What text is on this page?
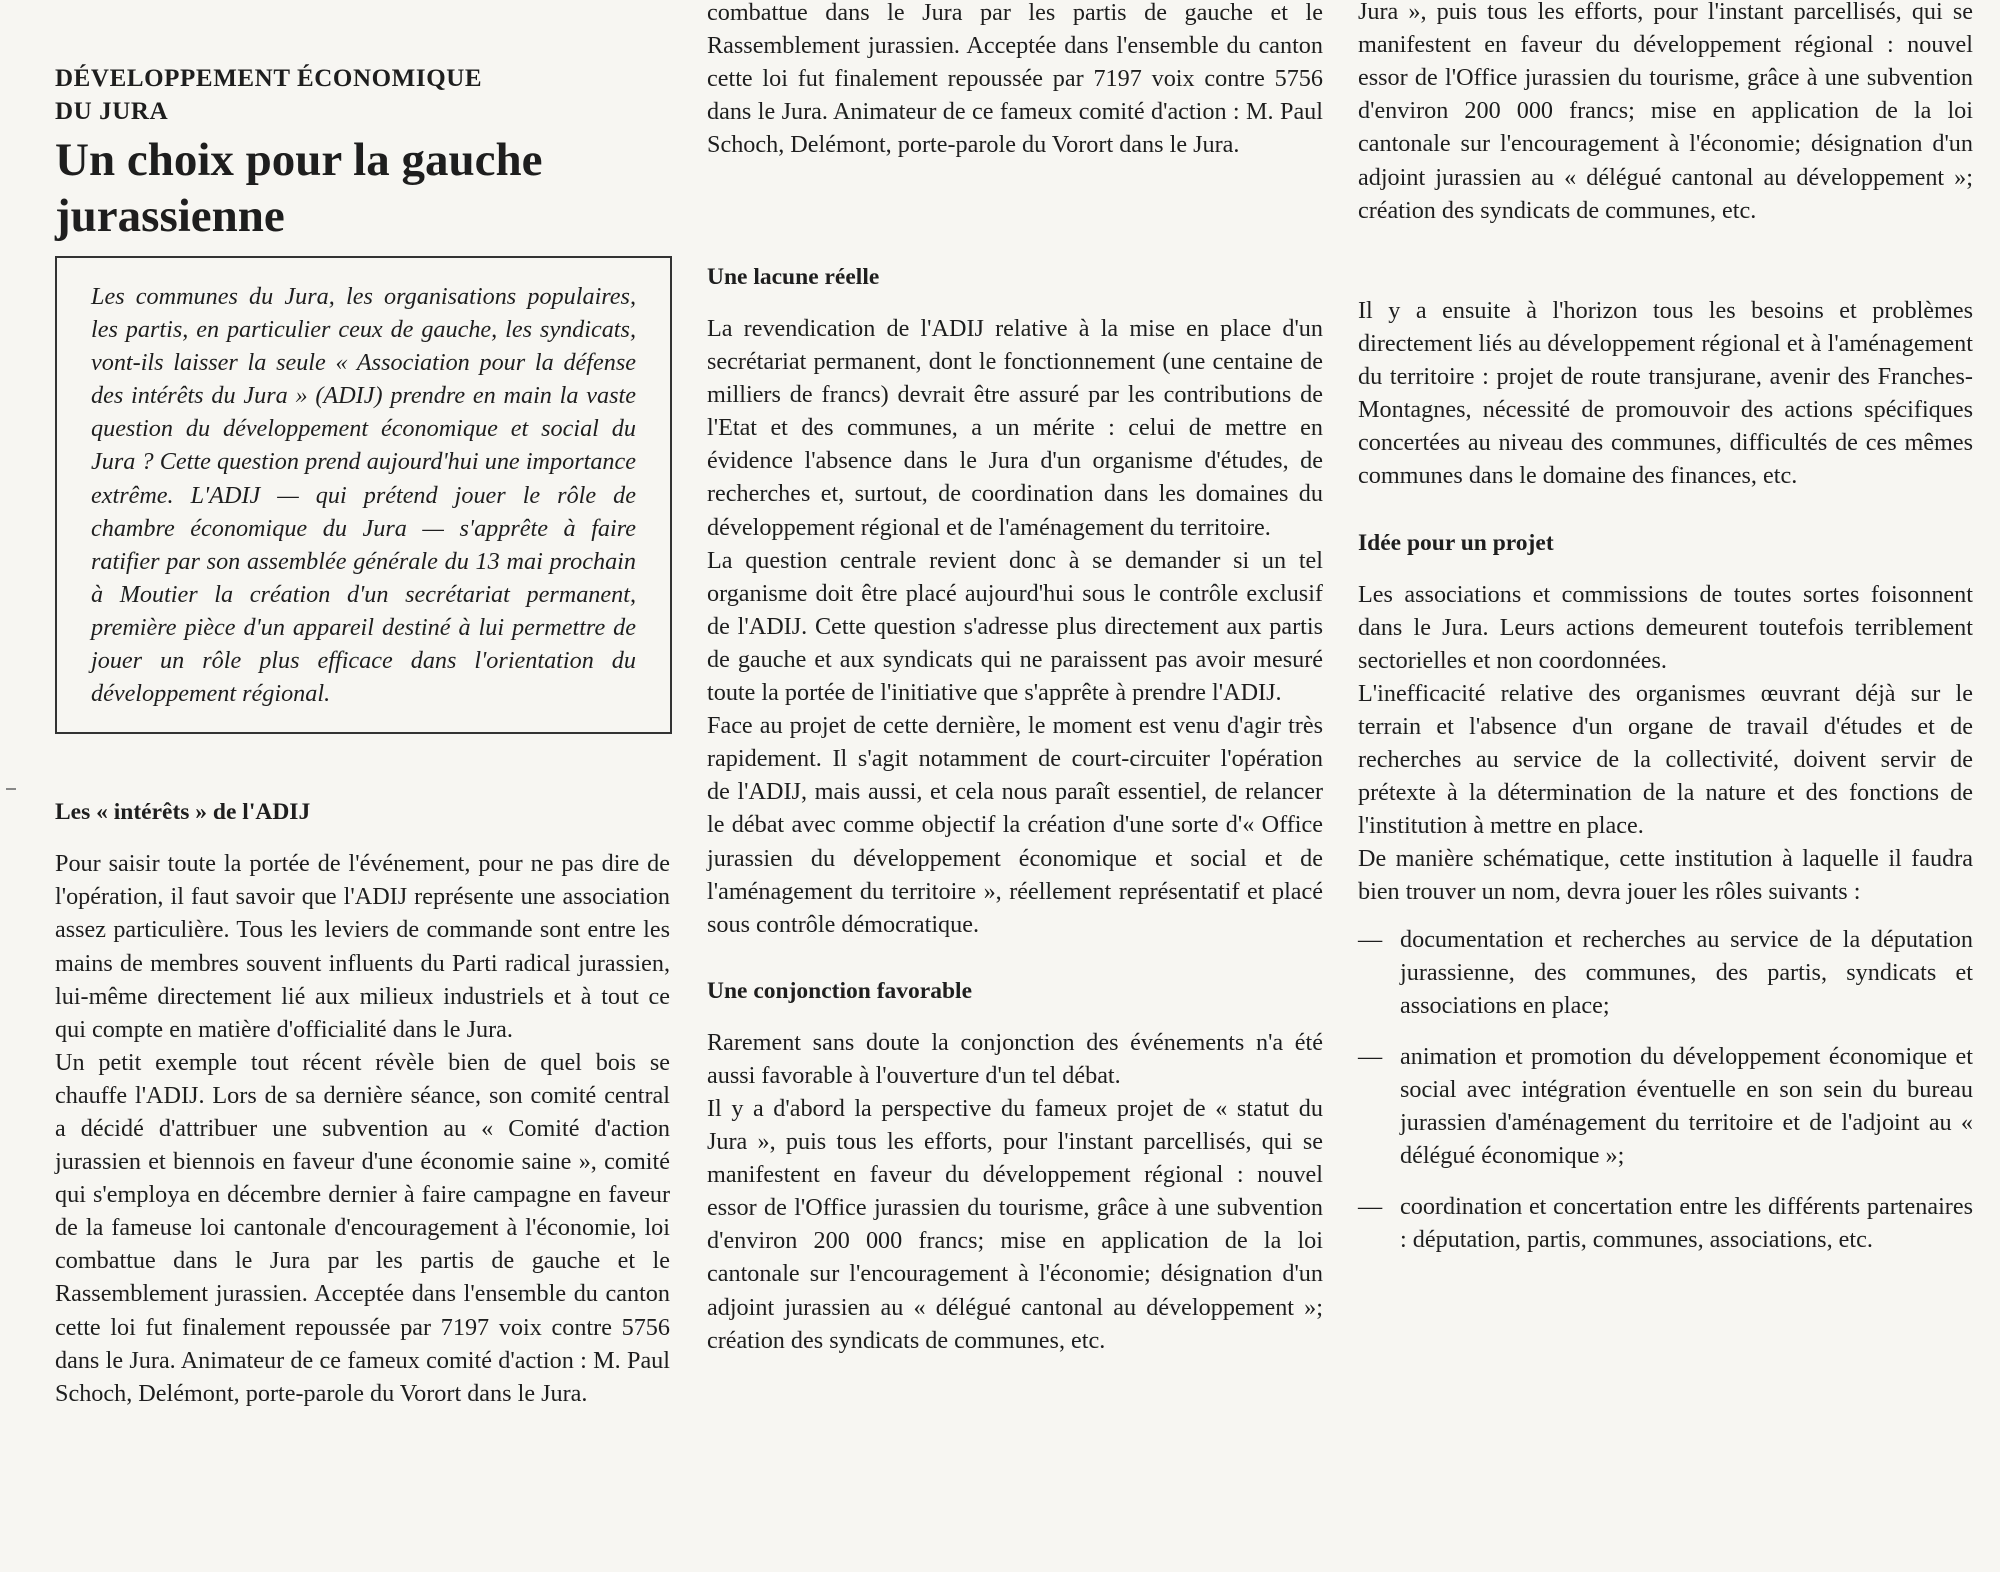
DÉVELOPPEMENT ÉCONOMIQUE

DU JURA

Un choix pour la gauche
jurassienne

Les communes du Jura, les organisations populaires, les partis, en particulier ceux de gauche, les syndicats, vont-ils laisser la seule « Association pour la défense des intérêts du Jura » (ADIJ) prendre en main la vaste question du développement économique et social du Jura ? Cette question prend aujourd'hui une importance extrême. L'ADIJ — qui prétend jouer le rôle de chambre économique du Jura — s'apprête à faire ratifier par son assemblée générale du 13 mai prochain à Moutier la création d'un secrétariat permanent, première pièce d'un appareil destiné à lui permettre de jouer un rôle plus efficace dans l'orientation du développement régional.

Les « intérêts » de l'ADIJ

Pour saisir toute la portée de l'événement, pour ne pas dire de l'opération, il faut savoir que l'ADIJ représente une association assez particulière. Tous les leviers de commande sont entre les mains de membres souvent influents du Parti radical jurassien, lui-même directement lié aux milieux industriels et à tout ce qui compte en matière d'officialité dans le Jura.

Un petit exemple tout récent révèle bien de quel bois se chauffe l'ADIJ. Lors de sa dernière séance, son comité central a décidé d'attribuer une subvention au « Comité d'action jurassien et biennois en faveur d'une économie saine », comité qui s'employa en décembre dernier à faire campagne en faveur de la fameuse loi cantonale d'encouragement à l'économie, loi combattue dans le Jura par les partis de gauche et le Rassemblement jurassien. Acceptée dans l'ensemble du canton cette loi fut finalement repoussée par 7197 voix contre 5756 dans le Jura. Animateur de ce fameux comité d'action : M. Paul Schoch, Delémont, porte-parole du Vorort dans le Jura.

combattue dans le Jura par les partis de gauche et le Rassemblement jurassien. Acceptée dans l'ensemble du canton cette loi fut finalement repoussée par 7197 voix contre 5756 dans le Jura. Animateur de ce fameux comité d'action : M. Paul Schoch, Delémont, porte-parole du Vorort dans le Jura.

Une lacune réelle

La revendication de l'ADIJ relative à la mise en place d'un secrétariat permanent, dont le fonctionnement (une centaine de milliers de francs) devrait être assuré par les contributions de l'Etat et des communes, a un mérite : celui de mettre en évidence l'absence dans le Jura d'un organisme d'études, de recherches et, surtout, de coordination dans les domaines du développement régional et de l'aménagement du territoire.

La question centrale revient donc à se demander si un tel organisme doit être placé aujourd'hui sous le contrôle exclusif de l'ADIJ. Cette question s'adresse plus directement aux partis de gauche et aux syndicats qui ne paraissent pas avoir mesuré toute la portée de l'initiative que s'apprête à prendre l'ADIJ.

Face au projet de cette dernière, le moment est venu d'agir très rapidement. Il s'agit notamment de court-circuiter l'opération de l'ADIJ, mais aussi, et cela nous paraît essentiel, de relancer le débat avec comme objectif la création d'une sorte d'« Office jurassien du développement économique et social et de l'aménagement du territoire », réellement représentatif et placé sous contrôle démocratique.

Une conjonction favorable

Rarement sans doute la conjonction des événements n'a été aussi favorable à l'ouverture d'un tel débat.

Il y a d'abord la perspective du fameux projet de « statut du Jura », puis tous les efforts, pour l'instant parcellisés, qui se manifestent en faveur du développement régional : nouvel essor de l'Office jurassien du tourisme, grâce à une subvention d'environ 200 000 francs; mise en application de la loi cantonale sur l'encouragement à l'économie; désignation d'un adjoint jurassien au « délégué cantonal au développement »; création des syndicats de communes, etc.

Jura », puis tous les efforts, pour l'instant parcellisés, qui se manifestent en faveur du développement régional : nouvel essor de l'Office jurassien du tourisme, grâce à une subvention d'environ 200 000 francs; mise en application de la loi cantonale sur l'encouragement à l'économie; désignation d'un adjoint jurassien au « délégué cantonal au développement »; création des syndicats de communes, etc.

Il y a ensuite à l'horizon tous les besoins et problèmes directement liés au développement régional et à l'aménagement du territoire : projet de route transjurane, avenir des Franches-Montagnes, nécessité de promouvoir des actions spécifiques concertées au niveau des communes, difficultés de ces mêmes communes dans le domaine des finances, etc.

Idée pour un projet

Les associations et commissions de toutes sortes foisonnent dans le Jura. Leurs actions demeurent toutefois terriblement sectorielles et non coordonnées.

L'inefficacité relative des organismes œuvrant déjà sur le terrain et l'absence d'un organe de travail d'études et de recherches au service de la collectivité, doivent servir de prétexte à la détermination de la nature et des fonctions de l'institution à mettre en place.

De manière schématique, cette institution à laquelle il faudra bien trouver un nom, devra jouer les rôles suivants :

— documentation et recherches au service de la députation jurassienne, des communes, des partis, syndicats et associations en place;
— animation et promotion du développement économique et social avec intégration éventuelle en son sein du bureau jurassien d'aménagement du territoire et de l'adjoint au « délégué économique »;
— coordination et concertation entre les différents partenaires : députation, partis, communes, associations, etc.
